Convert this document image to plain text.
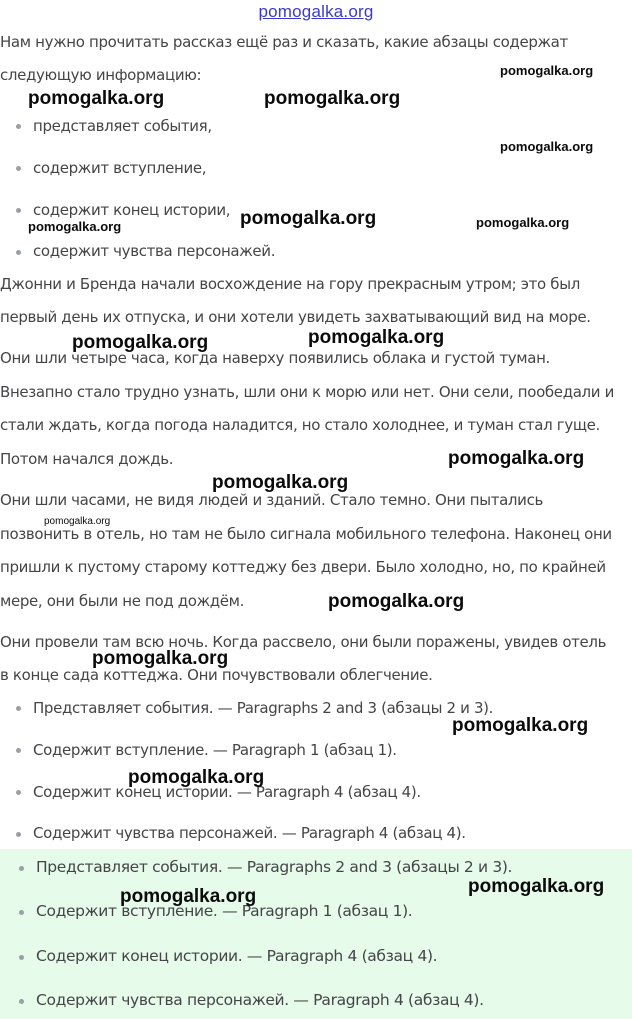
pomogalka.org
Нам нужно прочитать рассказ ещё раз и сказать, какие абзацы содержат
следующую информацию:
представляет события,
содержит вступление,
содержит конец истории,
содержит чувства персонажей.
Джонни и Бренда начали восхождение на гору прекрасным утром; это был
первый день их отпуска, и они хотели увидеть захватывающий вид на море.
Они шли четыре часа, когда наверху появились облака и густой туман.
Внезапно стало трудно узнать, шли они к морю или нет. Они сели, пообедали и
стали ждать, когда погода наладится, но стало холоднее, и туман стал гуще.
Потом начался дождь.
Они шли часами, не видя людей и зданий. Стало темно. Они пытались
позвонить в отель, но там не было сигнала мобильного телефона. Наконец они
пришли к пустому старому коттеджу без двери. Было холодно, но, по крайней
мере, они были не под дождём.
Они провели там всю ночь. Когда рассвело, они были поражены, увидев отель
в конце сада коттеджа. Они почувствовали облегчение.
Представляет события. — Paragraphs 2 and 3 (абзацы 2 и 3).
Содержит вступление. — Paragraph 1 (абзац 1).
Содержит конец истории. — Paragraph 4 (абзац 4).
Содержит чувства персонажей. — Paragraph 4 (абзац 4).
Представляет события. — Paragraphs 2 and 3 (абзацы 2 и 3).
Содержит вступление. — Paragraph 1 (абзац 1).
Содержит конец истории. — Paragraph 4 (абзац 4).
Содержит чувства персонажей. — Paragraph 4 (абзац 4).
pomogalka.org
pomogalka.org	pomogalka.org
pomogalka.org
pomogalka.org	pomogalka.org
pomogalka.org
pomogalka.org
pomogalka.org
pomogalka.org
pomogalka.org
pomogalka.org
pomogalka.org
pomogalka.org
pomogalka.org
pomogalka.org
pomogalka.org
pomogalka.org
